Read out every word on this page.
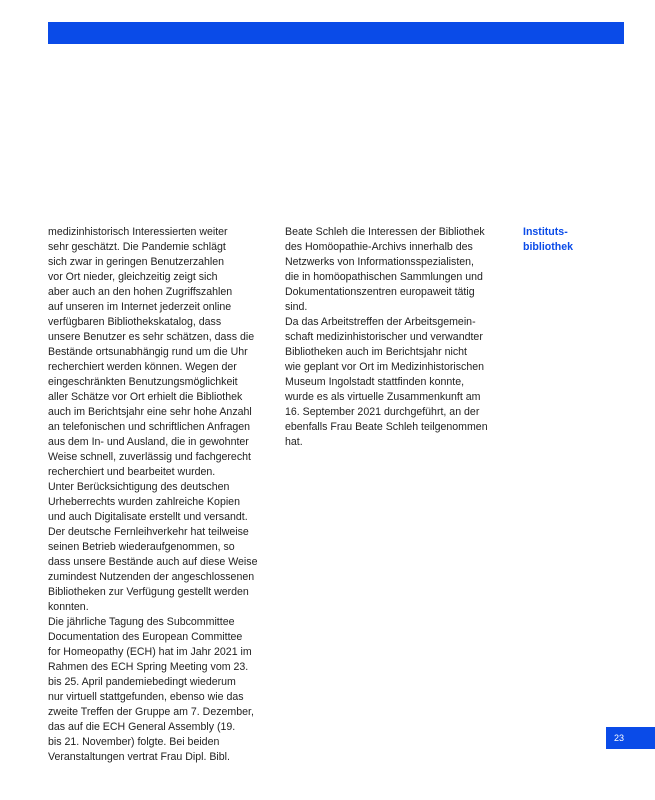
medizinhistorisch Interessierten weiter
sehr geschätzt. Die Pandemie schlägt
sich zwar in geringen Benutzerzahlen
vor Ort nieder, gleichzeitig zeigt sich
aber auch an den hohen Zugriffszahlen
auf unseren im Internet jederzeit online
verfügbaren Bibliothekskatalog, dass
unsere Benutzer es sehr schätzen, dass die
Bestände ortsunabhängig rund um die Uhr
recherchiert werden können. Wegen der
eingeschränkten Benutzungsmöglichkeit
aller Schätze vor Ort erhielt die Bibliothek
auch im Berichtsjahr eine sehr hohe Anzahl
an telefonischen und schriftlichen Anfragen
aus dem In- und Ausland, die in gewohnter
Weise schnell, zuverlässig und fachgerecht
recherchiert und bearbeitet wurden.
Unter Berücksichtigung des deutschen
Urheberrechts wurden zahlreiche Kopien
und auch Digitalisate erstellt und versandt.
Der deutsche Fernleihverkehr hat teilweise
seinen Betrieb wiederaufgenommen, so
dass unsere Bestände auch auf diese Weise
zumindest Nutzenden der angeschlossenen
Bibliotheken zur Verfügung gestellt werden
konnten.
Die jährliche Tagung des Subcommittee
Documentation des European Committee
for Homeopathy (ECH) hat im Jahr 2021 im
Rahmen des ECH Spring Meeting vom 23.
bis 25. April pandemiebedingt wiederum
nur virtuell stattgefunden, ebenso wie das
zweite Treffen der Gruppe am 7. Dezember,
das auf die ECH General Assembly (19.
bis 21. November) folgte. Bei beiden
Veranstaltungen vertrat Frau Dipl. Bibl.
Beate Schleh die Interessen der Bibliothek
des Homöopathie-Archivs innerhalb des
Netzwerks von Informationsspezialisten,
die in homöopathischen Sammlungen und
Dokumentationszentren europaweit tätig
sind.
Da das Arbeitstreffen der Arbeitsgemein-
schaft medizinhistorischer und verwandter
Bibliotheken auch im Berichtsjahr nicht
wie geplant vor Ort im Medizinhistorischen
Museum Ingolstadt stattfinden konnte,
wurde es als virtuelle Zusammenkunft am
16. September 2021 durchgeführt, an der
ebenfalls Frau Beate Schleh teilgenommen
hat.
Instituts-
bibliothek
23
